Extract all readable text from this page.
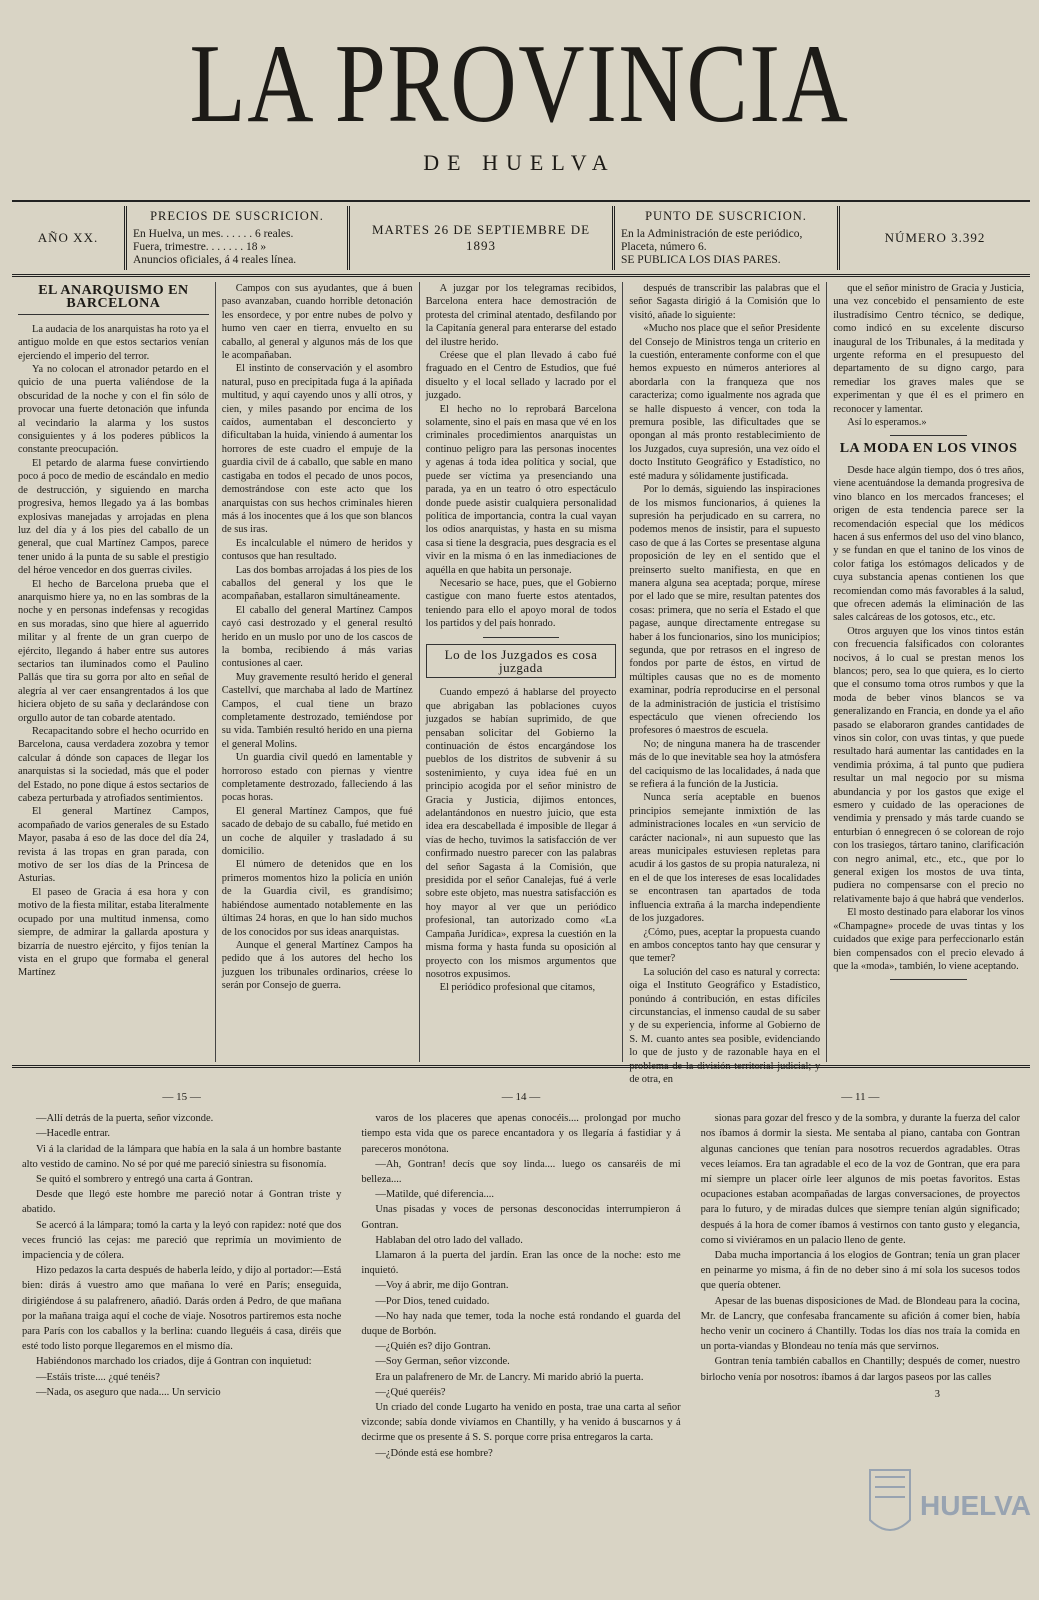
LA PROVINCIA
DE HUELVA
AÑO XX.
PRECIOS DE SUSCRICION.
En Huelva, un mes. . . . . . 6 reales.
Fuera, trimestre. . . . . . . 18 »
Anuncios oficiales, á 4 reales línea.
MARTES 26 DE SEPTIEMBRE DE 1893
PUNTO DE SUSCRICION.
En la Administración de este periódico,
Placeta, número 6.
SE PUBLICA LOS DIAS PARES.
NÚMERO 3.392
EL ANARQUISMO EN BARCELONA

La audacia de los anarquistas ha roto ya el antiguo molde en que estos sectarios venían ejerciendo el imperio del terror.

Ya no colocan el atronador petardo en el quicio de una puerta valiéndose de la obscuridad de la noche y con el fin sólo de provocar una fuerte detonación que infunda al vecindario la alarma y los sustos consiguientes y á los poderes públicos la constante preocupación.

El petardo de alarma fuese convirtiendo poco á poco de medio de escándalo en medio de destrucción, y siguiendo en marcha progresiva, hemos llegado ya á las bombas explosivas manejadas y arrojadas en plena luz del día y á los pies del caballo de un general, que cual Martínez Campos, parece tener unido á la punta de su sable el prestigio del héroe vencedor en dos guerras civiles.

El hecho de Barcelona prueba que el anarquismo hiere ya, no en las sombras de la noche y en personas indefensas y recogidas en sus moradas, sino que hiere al aguerrido militar y al frente de un gran cuerpo de ejército, llegando á haber entre sus autores sectarios tan iluminados como el Paulino Pallás que tira su gorra por alto en señal de alegría al ver caer ensangrentados á los que hiciera objeto de su saña y declarándose con orgullo autor de tan cobarde atentado.

Recapacitando sobre el hecho ocurrido en Barcelona, causa verdadera zozobra y temor calcular á dónde son capaces de llegar los anarquistas si la sociedad, más que el poder del Estado, no pone dique á estos sectarios de cabeza perturbada y atrofiados sentimientos.

El general Martínez Campos, acompañado de varios generales de su Estado Mayor, pasaba á eso de las doce del día 24, revista á las tropas en gran parada, con motivo de ser los días de la Princesa de Asturias.

El paseo de Gracia á esa hora y con motivo de la fiesta militar, estaba literalmente ocupado por una multitud inmensa, como siempre, de admirar la gallarda apostura y bizarría de nuestro ejército, y fijos tenían la vista en el grupo que formaba el general Martínez

Campos con sus ayudantes, que á buen paso avanzaban, cuando horrible detonación les ensordece, y por entre nubes de polvo y humo ven caer en tierra, envuelto en su caballo, al general y algunos más de los que le acompañaban.

El instinto de conservación y el asombro natural, puso en precipitada fuga á la apiñada multitud, y aquí cayendo unos y allí otros, y cien, y miles pasando por encima de los caídos, aumentaban el desconcierto y dificultaban la huida, viniendo á aumentar los horrores de este cuadro el empuje de la guardia civil de á caballo, que sable en mano castigaba en todos el pecado de unos pocos, demostrándose con este acto que los anarquistas con sus hechos criminales hieren más á los inocentes que á los que son blancos de sus iras.

Es incalculable el número de heridos y contusos que han resultado.

Las dos bombas arrojadas á los pies de los caballos del general y los que le acompañaban, estallaron simultáneamente.

El caballo del general Martínez Campos cayó casi destrozado y el general resultó herido en un muslo por uno de los cascos de la bomba, recibiendo á más varias contusiones al caer.

Muy gravemente resultó herido el general Castellví, que marchaba al lado de Martínez Campos, el cual tiene un brazo completamente destrozado, temiéndose por su vida. También resultó herido en una pierna el general Molins.

Un guardia civil quedó en lamentable y horroroso estado con piernas y vientre completamente destrozado, falleciendo á las pocas horas.

El general Martínez Campos, que fué sacado de debajo de su caballo, fué metido en un coche de alquiler y trasladado á su domicilio.

El número de detenidos que en los primeros momentos hizo la policía en unión de la Guardia civil, es grandísimo; habiéndose aumentado notablemente en las últimas 24 horas, en que lo han sido muchos de los conocidos por sus ideas anarquistas.

Aunque el general Martínez Campos ha pedido que á los autores del hecho los juzguen los tribunales ordinarios, créese lo serán por Consejo de guerra.

A juzgar por los telegramas recibidos, Barcelona entera hace demostración de protesta del criminal atentado, desfilando por la Capitanía general para enterarse del estado del ilustre herido.

Créese que el plan llevado á cabo fué fraguado en el Centro de Estudios, que fué disuelto y el local sellado y lacrado por el juzgado.

El hecho no lo reprobará Barcelona solamente, sino el país en masa que vé en los criminales procedimientos anarquistas un continuo peligro para las personas inocentes y agenas á toda idea política y social, que puede ser víctima ya presenciando una parada, ya en un teatro ó otro espectáculo donde puede asistir cualquiera personalidad política de importancia, contra la cual vayan los odios anarquistas, y hasta en su misma casa si tiene la desgracia, pues desgracia es el vivir en la misma ó en las inmediaciones de aquélla en que habita un personaje.

Necesario se hace, pues, que el Gobierno castigue con mano fuerte estos atentados, teniendo para ello el apoyo moral de todos los partidos y del país honrado.

Lo de los Juzgados es cosa juzgada

Cuando empezó á hablarse del proyecto que abrigaban las poblaciones cuyos juzgados se habían suprimido, de que pensaban solicitar del Gobierno la continuación de éstos encargándose los pueblos de los distritos de subvenir á su sostenimiento, y cuya idea fué en un principio acogida por el señor ministro de Gracia y Justicia, dijimos entonces, adelantándonos en nuestro juicio, que esta idea era descabellada é imposible de llegar á vías de hecho, tuvimos la satisfacción de ver confirmado nuestro parecer con las palabras del señor Sagasta á la Comisión, que presidida por el señor Canalejas, fué á verle sobre este objeto, mas nuestra satisfacción es hoy mayor al ver que un periódico profesional, tan autorizado como «La Campaña Jurídica», expresa la cuestión en la misma forma y hasta funda su oposición al proyecto con los mismos argumentos que nosotros expusimos.

El periódico profesional que citamos,

después de transcribir las palabras que el señor Sagasta dirigió á la Comisión que lo visitó, añade lo siguiente:

«Mucho nos place que el señor Presidente del Consejo de Ministros tenga un criterio en la cuestión, enteramente conforme con el que hemos expuesto en números anteriores al abordarla con la franqueza que nos caracteriza; como igualmente nos agrada que se halle dispuesto á vencer, con toda la premura posible, las dificultades que se opongan al más pronto restablecimiento de los Juzgados, cuya supresión, una vez oído el docto Instituto Geográfico y Estadístico, no esté madura y sólidamente justificada.

Por lo demás, siguiendo las inspiraciones de los mismos funcionarios, á quienes la supresión ha perjudicado en su carrera, no podemos menos de insistir, para el supuesto caso de que á las Cortes se presentase alguna proposición de ley en el sentido que el preinserto suelto manifiesta, en que en manera alguna sea aceptada; porque, mírese por el lado que se mire, resultan patentes dos cosas: primera, que no sería el Estado el que pagase, aunque directamente entregase su haber á los funcionarios, sino los municipios; segunda, que por retrasos en el ingreso de fondos por parte de éstos, en virtud de múltiples causas que no es de momento examinar, podría reproducirse en el personal de la administración de justicia el tristísimo espectáculo que vienen ofreciendo los profesores ó maestros de escuela.

No; de ninguna manera ha de trascender más de lo que inevitable sea hoy la atmósfera del caciquismo de las localidades, á nada que se refiera á la función de la Justicia.

Nunca sería aceptable en buenos principios semejante inmixtión de las administraciones locales en «un servicio de carácter nacional», ni aun supuesto que las areas municipales estuviesen repletas para acudir á los gastos de su propia naturaleza, ni en el de que los intereses de esas localidades se encontrasen tan apartados de toda influencia extraña á la marcha independiente de los juzgadores.

¿Cómo, pues, aceptar la propuesta cuando en ambos conceptos tanto hay que censurar y que temer?

La solución del caso es natural y correcta: oiga el Instituto Geográfico y Estadístico, ponúndo á contribución, en estas difíciles circunstancias, el inmenso caudal de su saber y de su experiencia, informe al Gobierno de S. M. cuanto antes sea posible, evidenciando lo que de justo y de razonable haya en el problema de la división territorial judicial; y de otra, en

que el señor ministro de Gracia y Justicia, una vez concebido el pensamiento de este ilustradísimo Centro técnico, se dedique, como indicó en su excelente discurso inaugural de los Tribunales, á la meditada y urgente reforma en el presupuesto del departamento de su digno cargo, para remediar los graves males que se experimentan y que él es el primero en reconocer y lamentar.

Así lo esperamos.»

LA MODA EN LOS VINOS

Desde hace algún tiempo, dos ó tres años, viene acentuándose la demanda progresiva de vino blanco en los mercados franceses; el origen de esta tendencia parece ser la recomendación especial que los médicos hacen á sus enfermos del uso del vino blanco, y se fundan en que el tanino de los vinos de color fatiga los estómagos delicados y de cuya substancia apenas contienen los que recomiendan como más favorables á la salud, que ofrecen además la eliminación de las sales calcáreas de los gotosos, etc., etc.

Otros arguyen que los vinos tintos están con frecuencia falsificados con colorantes nocivos, á lo cual se prestan menos los blancos; pero, sea lo que quiera, es lo cierto que el consumo toma otros rumbos y que la moda de beber vinos blancos se va generalizando en Francia, en donde ya el año pasado se elaboraron grandes cantidades de vinos sin color, con uvas tintas, y que puede resultado hará aumentar las cantidades en la vendimia próxima, á tal punto que pudiera resultar un mal negocio por su misma abundancia y por los gastos que exige el esmero y cuidado de las operaciones de vendimia y prensado y más tarde cuando se enturbian ó ennegrecen ó se colorean de rojo con los trasiegos, tártaro tanino, clarificación con negro animal, etc., etc., que por lo general exigen los mostos de uva tinta, pudiera no compensarse con el precio no relativamente bajo á que habrá que venderlos.

El mosto destinado para elaborar los vinos «Champagne» procede de uvas tintas y los cuidados que exige para perfeccionarlo están bien compensados con el precio elevado á que la «moda», también, lo viene aceptando.

— 15 —

—Allí detrás de la puerta, señor vizconde.

—Hacedle entrar.

Vi á la claridad de la lámpara que había en la sala á un hombre bastante alto vestido de camino. No sé por qué me pareció siniestra su fisonomía.

Se quitó el sombrero y entregó una carta á Gontran.

Desde que llegó este hombre me pareció notar á Gontran triste y abatido.

Se acercó á la lámpara; tomó la carta y la leyó con rapidez: noté que dos veces frunció las cejas: me pareció que reprimía un movimiento de impaciencia y de cólera.

Hizo pedazos la carta después de haberla leído, y dijo al portador:—Está bien: dirás á vuestro amo que mañana lo veré en París; enseguida, dirigiéndose á su palafrenero, añadió. Darás orden á Pedro, de que mañana por la mañana traiga aquí el coche de viaje. Nosotros partiremos esta noche para París con los caballos y la berlina: cuando lleguéis á casa, diréis que esté todo listo porque llegaremos en el mismo día.

Habiéndonos marchado los criados, dije á Gontran con inquietud:

—Estáis triste.... ¿qué tenéis?

—Nada, os aseguro que nada.... Un servicio

— 14 —

varos de los placeres que apenas conocéis.... prolongad por mucho tiempo esta vida que os parece encantadora y os llegaría á fastidiar y á pareceros monótona.

—Ah, Gontran! decís que soy linda.... luego os cansaréis de mi belleza....

—Matilde, qué diferencia....

Unas pisadas y voces de personas desconocidas interrumpieron á Gontran.

Hablaban del otro lado del vallado.

Llamaron á la puerta del jardín. Eran las once de la noche: esto me inquietó.

—Voy á abrir, me dijo Gontran.

—Por Dios, tened cuidado.

—No hay nada que temer, toda la noche está rondando el guarda del duque de Borbón.

—¿Quién es? dijo Gontran.

—Soy German, señor vizconde.

Era un palafrenero de Mr. de Lancry. Mi marido abrió la puerta.

—¿Qué queréis?

Un criado del conde Lugarto ha venido en posta, trae una carta al señor vizconde; sabía donde vivíamos en Chantilly, y ha venido á buscarnos y á decirme que os presente á S. S. porque corre prisa entregaros la carta.

—¿Dónde está ese hombre?

— 11 —

sionas para gozar del fresco y de la sombra, y durante la fuerza del calor nos íbamos á dormir la siesta. Me sentaba al piano, cantaba con Gontran algunas canciones que tenían para nosotros recuerdos agradables. Otras veces leíamos. Era tan agradable el eco de la voz de Gontran, que era para mí siempre un placer oírle leer algunos de mis poetas favoritos. Estas ocupaciones estaban acompañadas de largas conversaciones, de proyectos para lo futuro, y de miradas dulces que siempre tenían algún significado; después á la hora de comer íbamos á vestirnos con tanto gusto y elegancia, como si viviéramos en un palacio lleno de gente.

Daba mucha importancia á los elogios de Gontran; tenía un gran placer en peinarme yo misma, á fin de no deber sino á mí sola los sucesos todos que quería obtener.

Apesar de las buenas disposiciones de Mad. de Blondeau para la cocina, Mr. de Lancry, que confesaba francamente su afición á comer bien, había hecho venir un cocinero á Chantilly. Todas los días nos traía la comida en un porta-viandas y Blondeau no tenía más que servirnos.

Gontran tenía también caballos en Chantilly; después de comer, nuestro birlocho venía por nosotros: íbamos á dar largos paseos por las calles

3
HUELVA
